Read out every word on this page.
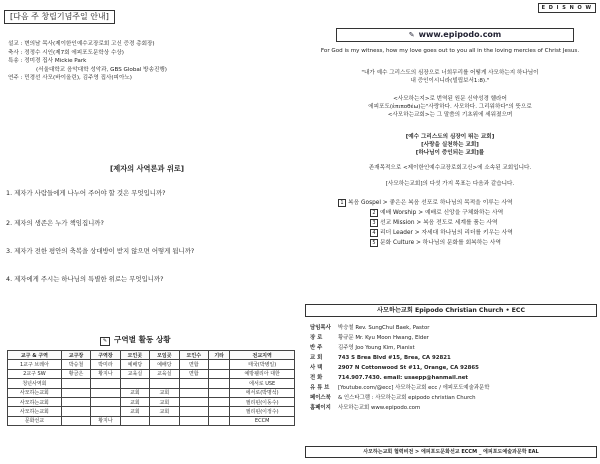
[다음 주 창립기념주일 안내]
설교 : 변의남 목사(제이한인예수교장로회 고신 증경 총회장)
축사 : 정정수 시인(제7회 에피포도문학상 수상)
특송 : 정미경 집사 Mickie Park
(서울대학교 음악대학 성악과, GBS Global 방송진행)
연주 : 민경선 사모(바이올린), 김주영 집사(피아노)
[제자의 사역론과 위로]
1. 제자가 사람들에게 나누어 주어야 할 것은 무엇입니까?
2. 제자의 생존은 누가 책임집니까?
3. 제자가 전한 평안의 축복을 상대방이 받지 않으면 어떻게 됩니까?
4. 제자에게 주시는 하나님의 특별한 위로는 무엇입니까?
✎ 구역별 활동 상황
교구 & 구역	교구장	구역장	모인곳	모임곳	모인수	기타	전교지역
1교구 브레아	박승철	박미라	예배당	예배당	면합		태국(박병일)
2교구 SW	황금은	황지나	교육실	교육실	면합		예방웰리아 대한
청년사역회							에서로 USE
사모하는교회			교회	교회			에서로(박명석)
사모하는교회			교회	교회			필리핀(이동수)
사모하는교회			교회	교회			필리핀(이정수)
문화선교		황지나					ECCM
E D I S N O W
✎ www.epipodo.com
For God is my witness, how my love goes out to you all in the loving mercies of Christ Jesus.
"내가 예수 그리스도의 심장으로 너희무리를 어떻게 사모하는지 하나님이
내 증인이시니라(빌립보서1:8)."
<사모하는지>로 번역된 원문 신약성경 헬라어
에피포도(ἐπιποθέω)는"사랑하다. 사모하다. 그리워하다"의 뜻으로
<사모하는교회>는 그 말씀의 기초위에 세워졌으며
[예수 그리스도의 심장이 뛰는 교회]
[사랑을 실천하는 교회]
[하나님이 증인되는 교회]를
존재목적으로 <제이한인예수교장로회고신>에 소속된 교회입니다.
[사모하는교회]의 다섯 가지 목표는 다음과 같습니다.
1 복음 Gospel > 좋은은 복음 선포로 하나님의 목적을 이루는 사역
2 예배 Worship > 예배로 신앙을 구체화하는 사역
3 선교 Mission > 복음 전도로 세계를 품는 사역
4 리더 Leader > 자세대 하나님의 리더를 키우는 사역
5 문화 Culture > 하나님의 문화를 회복하는 사역
사모하는교회 Epipodo Christian Church • ECC
담임목사 박승철 Rev. SungChul Baek, Pastor
장 로	황규문 Mr. Kyu Moon Hwang, Elder
반 주	김주영 Joo Young Kim, Pianist
교 회	743 S Brea Blvd #15, Brea, CA 92821
사 택	2907 N Cottonwood St #11, Orange, CA 92865
전 화	714.907.7430. email: usaepp@hanmail.net
유 튜 브 [Youtube.com/@ecc] 사모하는교회 ecc / 에피포도예술과문학
페이스북 & 인스타그램 : 사모하는교회 epipodo christian Church
홈페이지 사모하는교회 www.epipodo.com
사모하는교회 협력비전 > 에피포도문화선교 ECCM _ 에피포도예술과문학 EAL
